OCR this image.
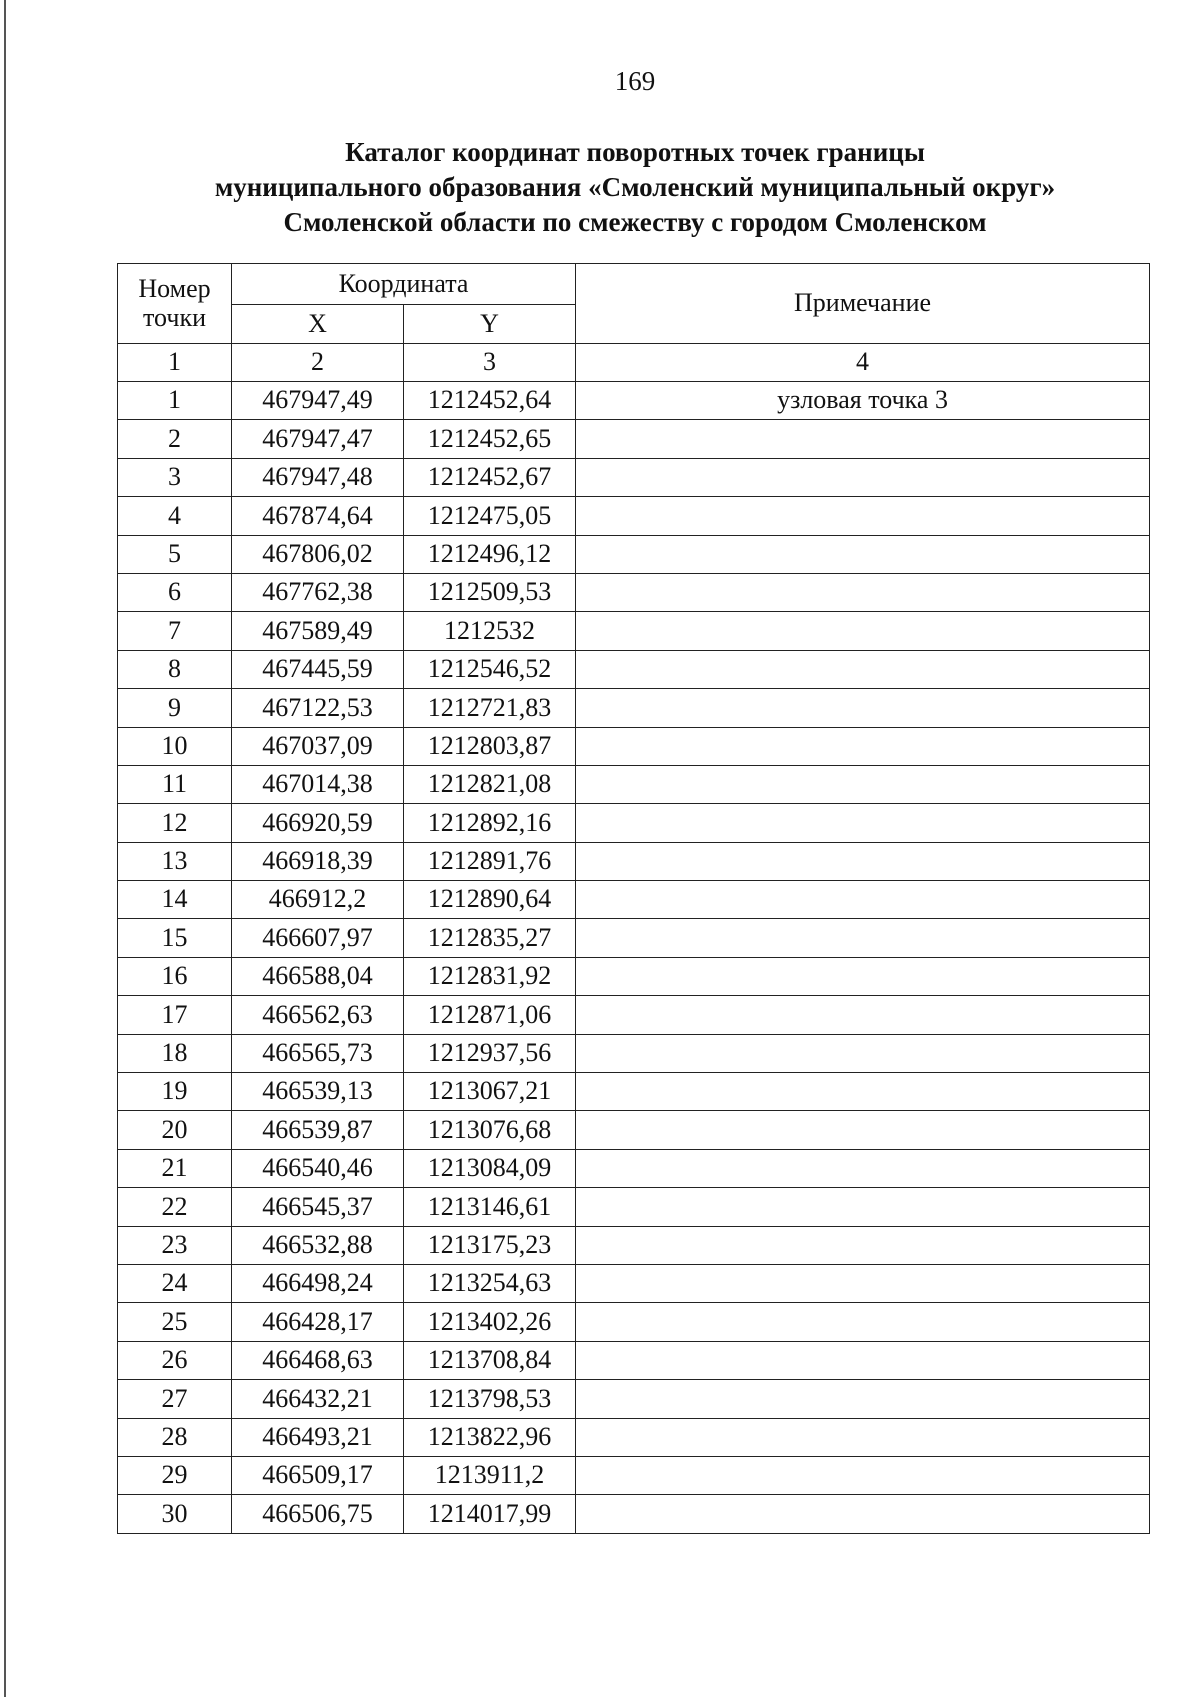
169
Каталог координат поворотных точек границы
муниципального образования «Смоленский муниципальный округ»
Смоленской области по смежеству с городом Смоленском
Номер точки	Координата		Примечание
	X	Y	
1	2	3	4
1	467947,49	1212452,64	узловая точка 3
2	467947,47	1212452,65	
3	467947,48	1212452,67	
4	467874,64	1212475,05	
5	467806,02	1212496,12	
6	467762,38	1212509,53	
7	467589,49	1212532	
8	467445,59	1212546,52	
9	467122,53	1212721,83	
10	467037,09	1212803,87	
11	467014,38	1212821,08	
12	466920,59	1212892,16	
13	466918,39	1212891,76	
14	466912,2	1212890,64	
15	466607,97	1212835,27	
16	466588,04	1212831,92	
17	466562,63	1212871,06	
18	466565,73	1212937,56	
19	466539,13	1213067,21	
20	466539,87	1213076,68	
21	466540,46	1213084,09	
22	466545,37	1213146,61	
23	466532,88	1213175,23	
24	466498,24	1213254,63	
25	466428,17	1213402,26	
26	466468,63	1213708,84	
27	466432,21	1213798,53	
28	466493,21	1213822,96	
29	466509,17	1213911,2	
30	466506,75	1214017,99	
